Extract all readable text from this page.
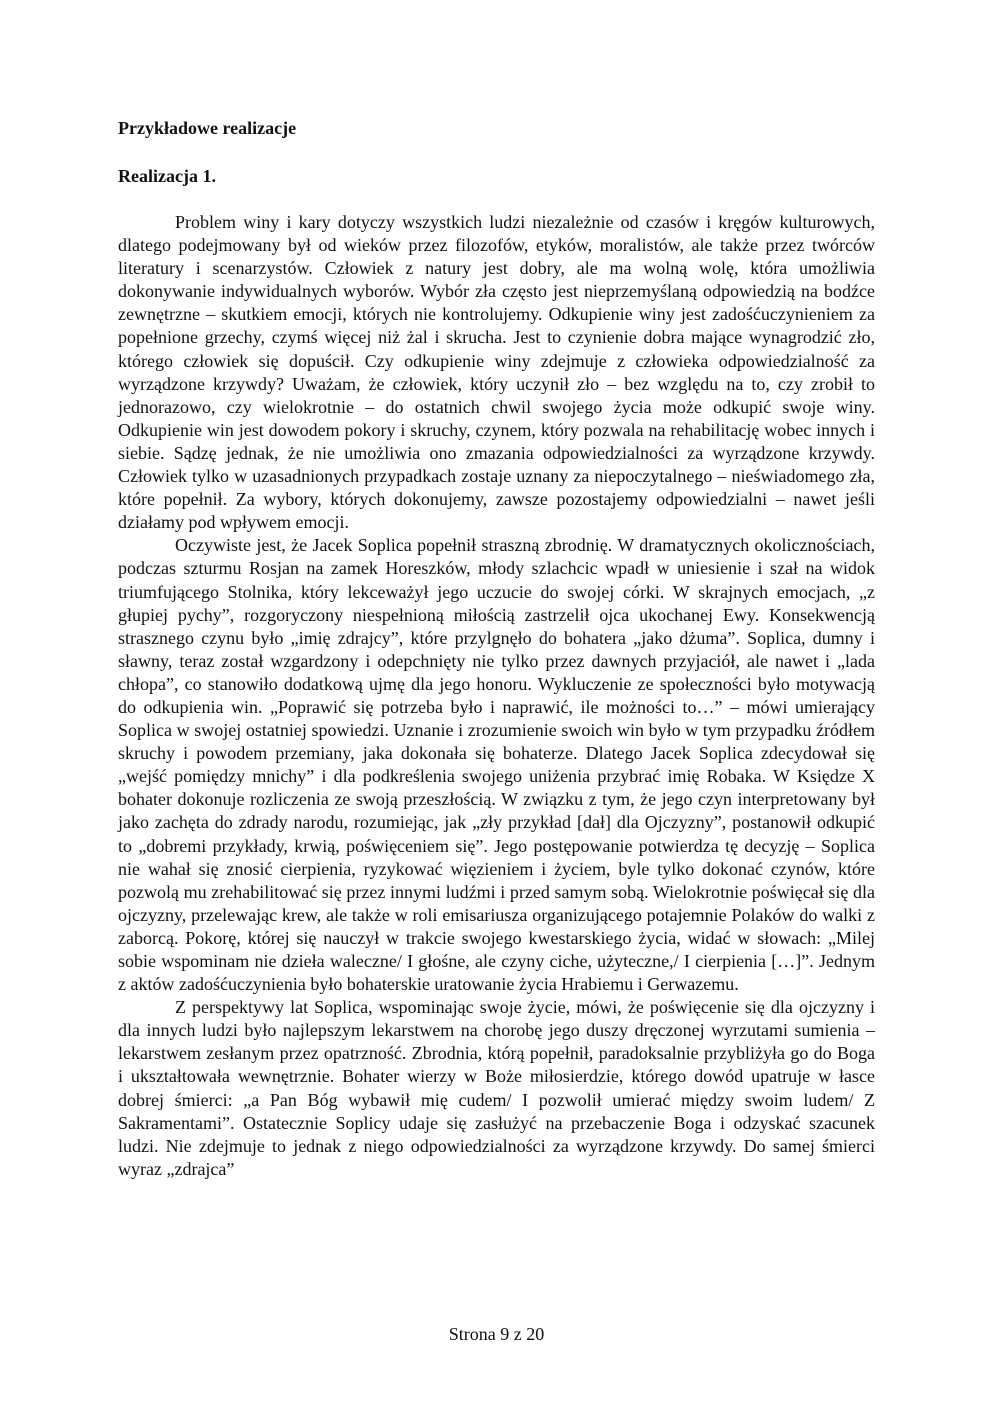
Przykładowe realizacje

Realizacja 1.

Problem winy i kary dotyczy wszystkich ludzi niezależnie od czasów i kręgów kulturowych, dlatego podejmowany był od wieków przez filozofów, etyków, moralistów, ale także przez twórców literatury i scenarzystów. Człowiek z natury jest dobry, ale ma wolną wolę, która umożliwia dokonywanie indywidualnych wyborów. Wybór zła często jest nieprzemyślaną odpowiedzią na bodźce zewnętrzne – skutkiem emocji, których nie kontrolujemy. Odkupienie winy jest zadośćuczynieniem za popełnione grzechy, czymś więcej niż żal i skrucha. Jest to czynienie dobra mające wynagrodzić zło, którego człowiek się dopuścił. Czy odkupienie winy zdejmuje z człowieka odpowiedzialność za wyrządzone krzywdy? Uważam, że człowiek, który uczynił zło – bez względu na to, czy zrobił to jednorazowo, czy wielokrotnie – do ostatnich chwil swojego życia może odkupić swoje winy. Odkupienie win jest dowodem pokory i skruchy, czynem, który pozwala na rehabilitację wobec innych i siebie. Sądzę jednak, że nie umożliwia ono zmazania odpowiedzialności za wyrządzone krzywdy. Człowiek tylko w uzasadnionych przypadkach zostaje uznany za niepoczytalnego – nieświadomego zła, które popełnił. Za wybory, których dokonujemy, zawsze pozostajemy odpowiedzialni – nawet jeśli działamy pod wpływem emocji.

Oczywiste jest, że Jacek Soplica popełnił straszną zbrodnię. W dramatycznych okolicznościach, podczas szturmu Rosjan na zamek Horeszków, młody szlachcic wpadł w uniesienie i szał na widok triumfującego Stolnika, który lekceważył jego uczucie do swojej córki. W skrajnych emocjach, „z głupiej pychy”, rozgoryczony niespełnioną miłością zastrzelił ojca ukochanej Ewy. Konsekwencją strasznego czynu było „imię zdrajcy”, które przylgnęło do bohatera „jako dżuma”. Soplica, dumny i sławny, teraz został wzgardzony i odepchnięty nie tylko przez dawnych przyjaciół, ale nawet i „lada chłopa”, co stanowiło dodatkową ujmę dla jego honoru. Wykluczenie ze społeczności było motywacją do odkupienia win. „Poprawić się potrzeba było i naprawić, ile możności to…” – mówi umierający Soplica w swojej ostatniej spowiedzi. Uznanie i zrozumienie swoich win było w tym przypadku źródłem skruchy i powodem przemiany, jaka dokonała się bohaterze. Dlatego Jacek Soplica zdecydował się „wejść pomiędzy mnichy” i dla podkreślenia swojego uniżenia przybrać imię Robaka. W Księdze X bohater dokonuje rozliczenia ze swoją przeszłością. W związku z tym, że jego czyn interpretowany był jako zachęta do zdrady narodu, rozumiejąc, jak „zły przykład [dał] dla Ojczyzny”, postanowił odkupić to „dobremi przykłady, krwią, poświęceniem się”. Jego postępowanie potwierdza tę decyzję – Soplica nie wahał się znosić cierpienia, ryzykować więzieniem i życiem, byle tylko dokonać czynów, które pozwolą mu zrehabilitować się przez innymi ludźmi i przed samym sobą. Wielokrotnie poświęcał się dla ojczyzny, przelewając krew, ale także w roli emisariusza organizującego potajemnie Polaków do walki z zaborcą. Pokorę, której się nauczył w trakcie swojego kwestarskiego życia, widać w słowach: „Milej sobie wspominam nie dzieła waleczne/ I głośne, ale czyny ciche, użyteczne,/ I cierpienia […]”. Jednym z aktów zadośćuczynienia było bohaterskie uratowanie życia Hrabiemu i Gerwazemu.

Z perspektywy lat Soplica, wspominając swoje życie, mówi, że poświęcenie się dla ojczyzny i dla innych ludzi było najlepszym lekarstwem na chorobę jego duszy dręczonej wyrzutami sumienia – lekarstwem zesłanym przez opatrzność. Zbrodnia, którą popełnił, paradoksalnie przybliżyła go do Boga i ukształtowała wewnętrznie. Bohater wierzy w Boże miłosierdzie, którego dowód upatruje w łasce dobrej śmierci: „a Pan Bóg wybawił mię cudem/ I pozwolił umierać między swoim ludem/ Z Sakramentami”. Ostatecznie Soplicy udaje się zasłużyć na przebaczenie Boga i odzyskać szacunek ludzi. Nie zdejmuje to jednak z niego odpowiedzialności za wyrządzone krzywdy. Do samej śmierci wyraz „zdrajca”

Strona 9 z 20
